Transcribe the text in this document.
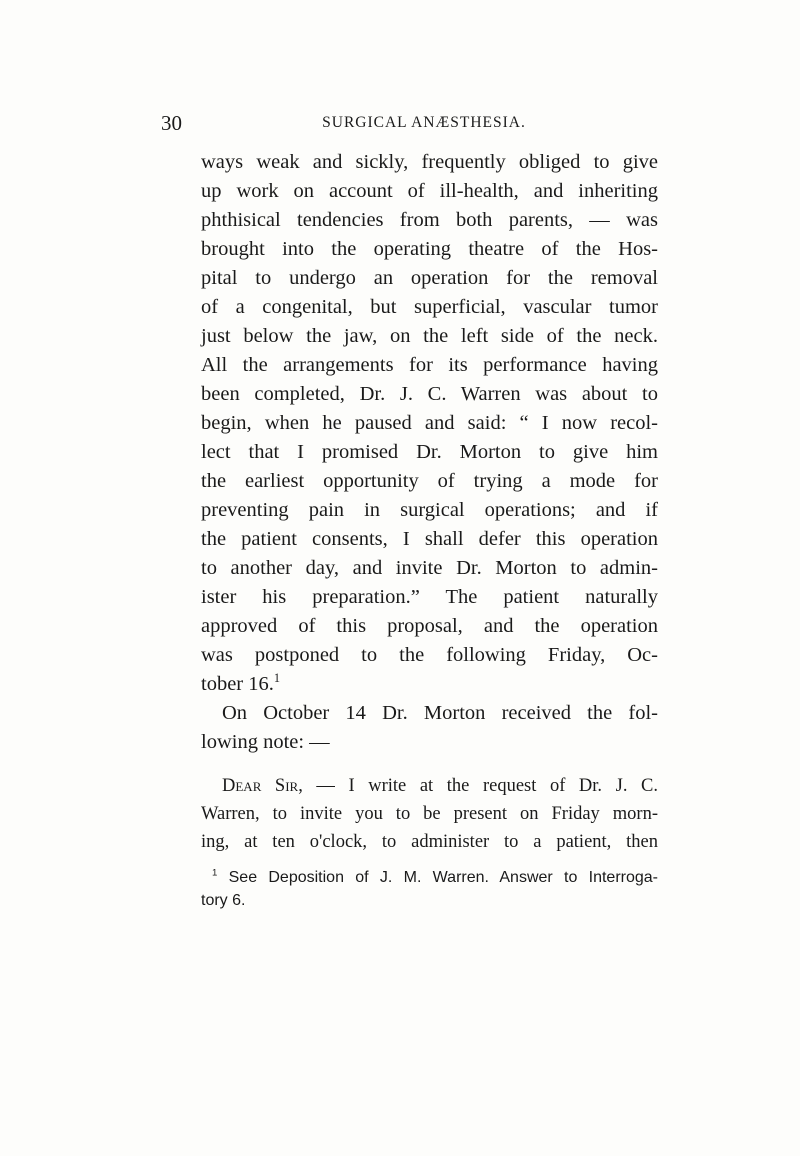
30	SURGICAL ANÆSTHESIA.
ways weak and sickly, frequently obliged to give
up work on account of ill-health, and inheriting
phthisical tendencies from both parents, — was
brought into the operating theatre of the Hos-
pital to undergo an operation for the removal
of a congenital, but superficial, vascular tumor
just below the jaw, on the left side of the neck.
All the arrangements for its performance having
been completed, Dr. J. C. Warren was about to
begin, when he paused and said: “ I now recol-
lect that I promised Dr. Morton to give him
the earliest opportunity of trying a mode for
preventing pain in surgical operations; and if
the patient consents, I shall defer this operation
to another day, and invite Dr. Morton to admin-
ister his preparation.” The patient naturally
approved of this proposal, and the operation
was postponed to the following Friday, Oc-
tober 16.$^1$
On October 14 Dr. Morton received the fol-
lowing note: —
Dear Sir, — I write at the request of Dr. J. C.
Warren, to invite you to be present on Friday morn-
ing, at ten o'clock, to administer to a patient, then
$^1$ See Deposition of J. M. Warren. Answer to Interroga-
tory 6.
